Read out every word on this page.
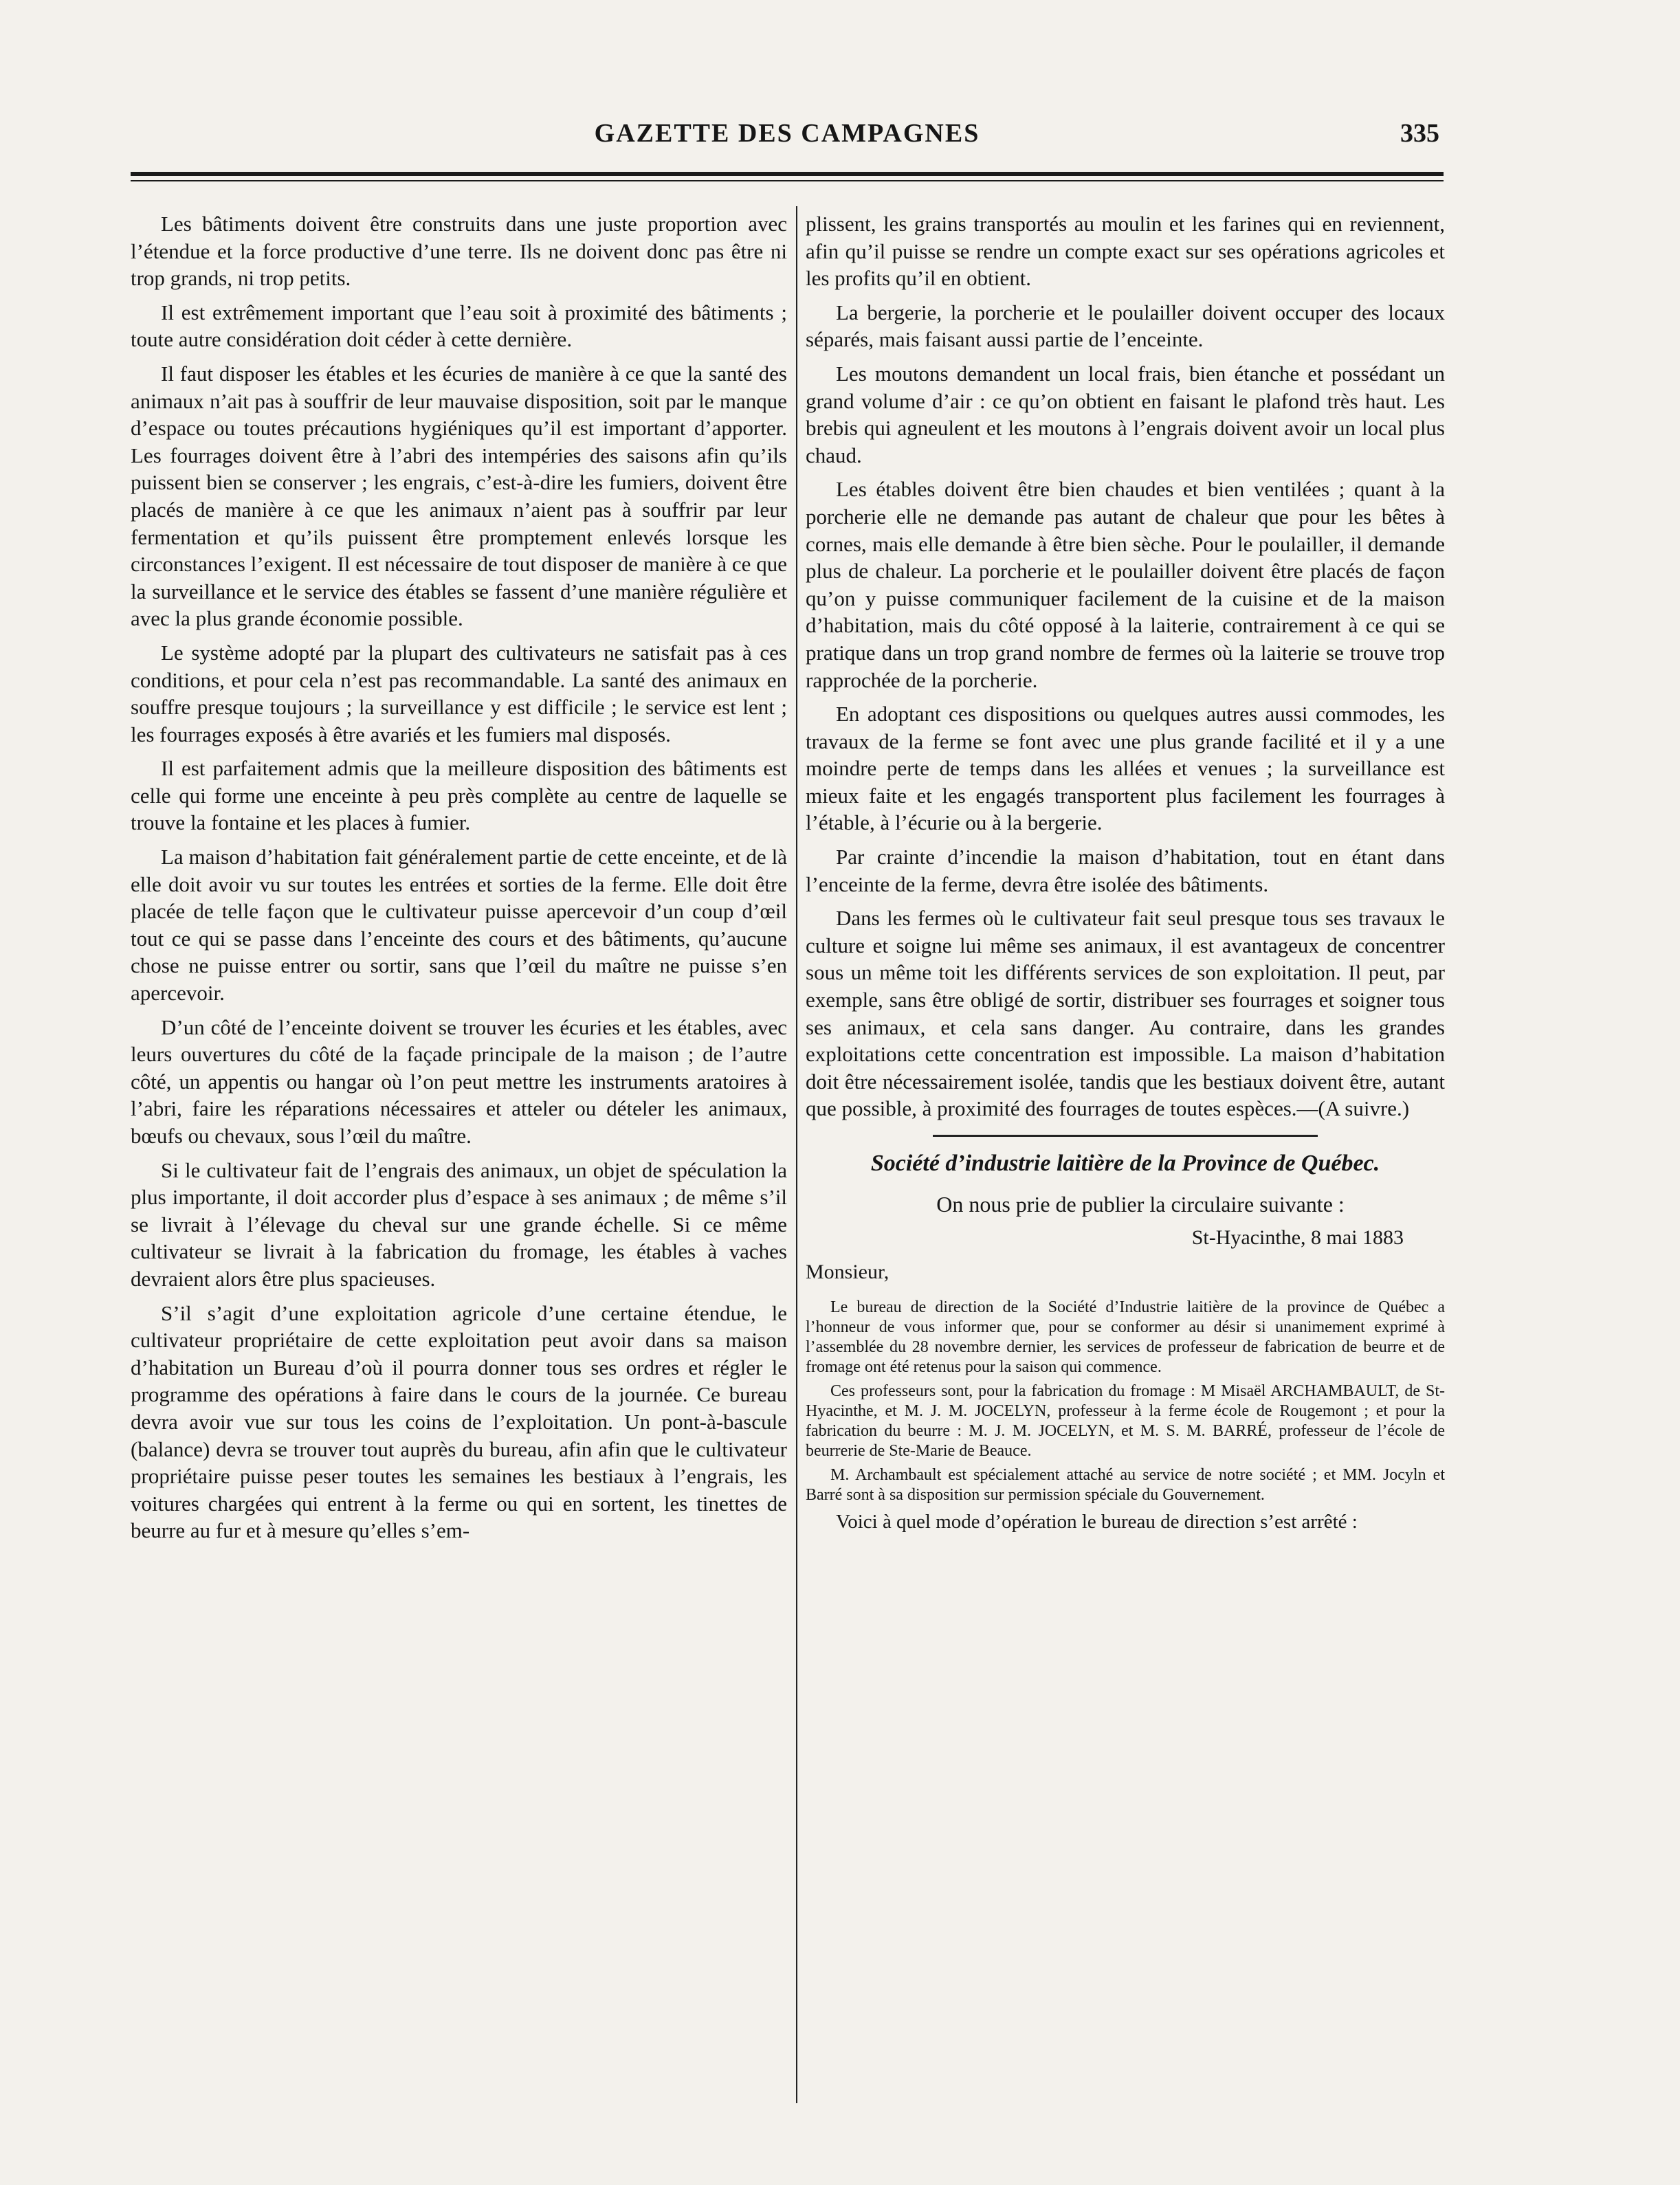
GAZETTE DES CAMPAGNES	335

Les bâtiments doivent être construits dans une juste proportion avec l’étendue et la force productive d’une terre. Ils ne doivent donc pas être ni trop grands, ni trop petits.

Il est extrêmement important que l’eau soit à proximité des bâtiments ; toute autre considération doit céder à cette dernière.

Il faut disposer les étables et les écuries de manière à ce que la santé des animaux n’ait pas à souffrir de leur mauvaise disposition, soit par le manque d’espace ou toutes précautions hygiéniques qu’il est important d’apporter. Les fourrages doivent être à l’abri des intempéries des saisons afin qu’ils puissent bien se conserver ; les engrais, c’est-à-dire les fumiers, doivent être placés de manière à ce que les animaux n’aient pas à souffrir par leur fermentation et qu’ils puissent être promptement enlevés lorsque les circonstances l’exigent. Il est nécessaire de tout disposer de manière à ce que la surveillance et le service des étables se fassent d’une manière régulière et avec la plus grande économie possible.

Le système adopté par la plupart des cultivateurs ne satisfait pas à ces conditions, et pour cela n’est pas recommandable. La santé des animaux en souffre presque toujours ; la surveillance y est difficile ; le service est lent ; les fourrages exposés à être avariés et les fumiers mal disposés.

Il est parfaitement admis que la meilleure disposition des bâtiments est celle qui forme une enceinte à peu près complète au centre de laquelle se trouve la fontaine et les places à fumier.

La maison d’habitation fait généralement partie de cette enceinte, et de là elle doit avoir vu sur toutes les entrées et sorties de la ferme. Elle doit être placée de telle façon que le cultivateur puisse apercevoir d’un coup d’œil tout ce qui se passe dans l’enceinte des cours et des bâtiments, qu’aucune chose ne puisse entrer ou sortir, sans que l’œil du maître ne puisse s’en apercevoir.

D’un côté de l’enceinte doivent se trouver les écuries et les étables, avec leurs ouvertures du côté de la façade principale de la maison ; de l’autre côté, un appentis ou hangar où l’on peut mettre les instruments aratoires à l’abri, faire les réparations nécessaires et atteler ou dételer les animaux, bœufs ou chevaux, sous l’œil du maître.

Si le cultivateur fait de l’engrais des animaux, un objet de spéculation la plus importante, il doit accorder plus d’espace à ses animaux ; de même s’il se livrait à l’élevage du cheval sur une grande échelle. Si ce même cultivateur se livrait à la fabrication du fromage, les étables à vaches devraient alors être plus spacieuses.

S’il s’agit d’une exploitation agricole d’une certaine étendue, le cultivateur propriétaire de cette exploitation peut avoir dans sa maison d’habitation un Bureau d’où il pourra donner tous ses ordres et régler le programme des opérations à faire dans le cours de la journée. Ce bureau devra avoir vue sur tous les coins de l’exploitation. Un pont-à-bascule (balance) devra se trouver tout auprès du bureau, afin afin que le cultivateur propriétaire puisse peser toutes les semaines les bestiaux à l’engrais, les voitures chargées qui entrent à la ferme ou qui en sortent, les tinettes de beurre au fur et à mesure qu’elles s’em-

plissent, les grains transportés au moulin et les farines qui en reviennent, afin qu’il puisse se rendre un compte exact sur ses opérations agricoles et les profits qu’il en obtient.

La bergerie, la porcherie et le poulailler doivent occuper des locaux séparés, mais faisant aussi partie de l’enceinte.

Les moutons demandent un local frais, bien étanche et possédant un grand volume d’air : ce qu’on obtient en faisant le plafond très haut. Les brebis qui agneulent et les moutons à l’engrais doivent avoir un local plus chaud.

Les étables doivent être bien chaudes et bien ventilées ; quant à la porcherie elle ne demande pas autant de chaleur que pour les bêtes à cornes, mais elle demande à être bien sèche. Pour le poulailler, il demande plus de chaleur. La porcherie et le poulailler doivent être placés de façon qu’on y puisse communiquer facilement de la cuisine et de la maison d’habitation, mais du côté opposé à la laiterie, contrairement à ce qui se pratique dans un trop grand nombre de fermes où la laiterie se trouve trop rapprochée de la porcherie.

En adoptant ces dispositions ou quelques autres aussi commodes, les travaux de la ferme se font avec une plus grande facilité et il y a une moindre perte de temps dans les allées et venues ; la surveillance est mieux faite et les engagés transportent plus facilement les fourrages à l’étable, à l’écurie ou à la bergerie.

Par crainte d’incendie la maison d’habitation, tout en étant dans l’enceinte de la ferme, devra être isolée des bâtiments.

Dans les fermes où le cultivateur fait seul presque tous ses travaux le culture et soigne lui même ses animaux, il est avantageux de concentrer sous un même toit les différents services de son exploitation. Il peut, par exemple, sans être obligé de sortir, distribuer ses fourrages et soigner tous ses animaux, et cela sans danger. Au contraire, dans les grandes exploitations cette concentration est impossible. La maison d’habitation doit être nécessairement isolée, tandis que les bestiaux doivent être, autant que possible, à proximité des fourrages de toutes espèces.—(A suivre.)

Société d’industrie laitière de la Province de Québec.

On nous prie de publier la circulaire suivante :

St-Hyacinthe, 8 mai 1883
Monsieur,

Le bureau de direction de la Société d’Industrie laitière de la province de Québec a l’honneur de vous informer que, pour se conformer au désir si unanimement exprimé à l’assemblée du 28 novembre dernier, les services de professeur de fabrication de beurre et de fromage ont été retenus pour la saison qui commence.

Ces professeurs sont, pour la fabrication du fromage : M Misaël ARCHAMBAULT, de St-Hyacinthe, et M. J. M. JOCELYN, professeur à la ferme école de Rougemont ; et pour la fabrication du beurre : M. J. M. JOCELYN, et M. S. M. BARRÉ, professeur de l’école de beurrerie de Ste-Marie de Beauce.

M. Archambault est spécialement attaché au service de notre société ; et MM. Jocyln et Barré sont à sa disposition sur permission spéciale du Gouvernement.

Voici à quel mode d’opération le bureau de direction s’est arrêté :
